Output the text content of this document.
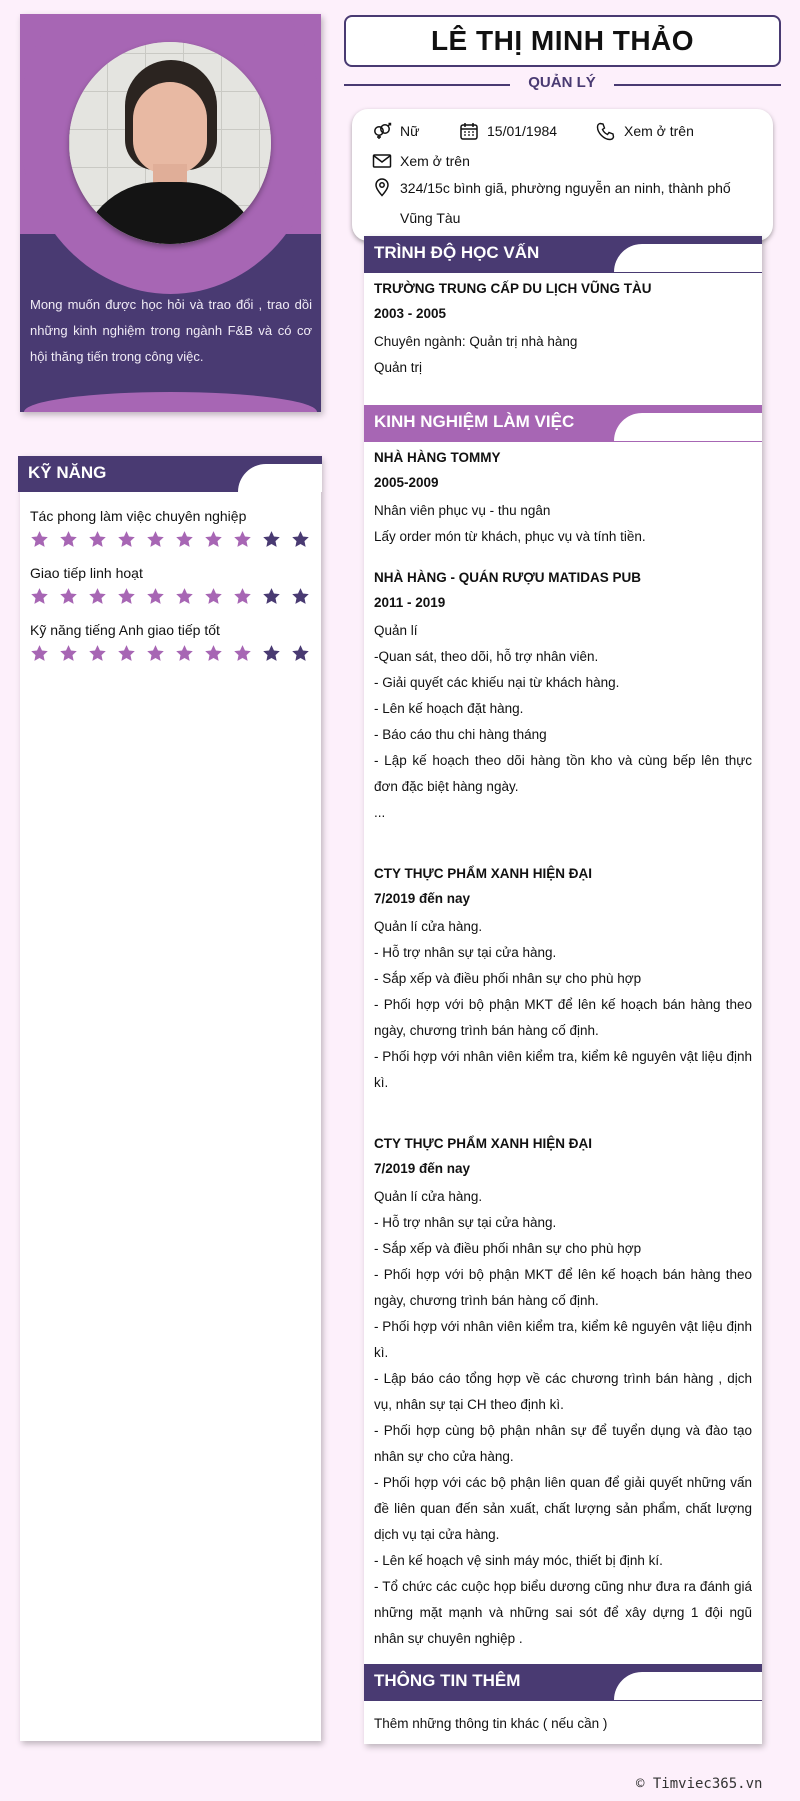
Mong muốn được học hỏi và trao đổi , trao dồi những kinh nghiệm trong ngành F&B và có cơ hội thăng tiến trong công việc.

KỸ NĂNG
Tác phong làm việc chuyên nghiệp
Giao tiếp linh hoạt
Kỹ năng tiếng Anh giao tiếp tốt
LÊ THỊ MINH THẢO
QUẢN LÝ
Nữ	15/01/1984	Xem ở trên
Xem ở trên
324/15c bình giã, phường nguyễn an ninh, thành phố Vũng Tàu
TRÌNH ĐỘ HỌC VẤN
TRƯỜNG TRUNG CẤP DU LỊCH VŨNG TÀU
2003 - 2005

Chuyên ngành: Quản trị nhà hàng

Quản trị

KINH NGHIỆM LÀM VIỆC
NHÀ HÀNG TOMMY
2005-2009

Nhân viên phục vụ - thu ngân

Lấy order món từ khách, phục vụ và tính tiền.

NHÀ HÀNG - QUÁN RƯỢU MATIDAS PUB
2011 - 2019

Quản lí

-Quan sát, theo dõi, hỗ trợ nhân viên.

- Giải quyết các khiếu nại từ khách hàng.

- Lên kế hoạch đặt hàng.

- Báo cáo thu chi hàng tháng

- Lập kế hoạch theo dõi hàng tồn kho và cùng bếp lên thực đơn đặc biệt hàng ngày.

...

CTY THỰC PHẨM XANH HIỆN ĐẠI
7/2019 đến nay

Quản lí cửa hàng.

- Hỗ trợ nhân sự tại cửa hàng.

- Sắp xếp và điều phối nhân sự cho phù hợp

- Phối hợp với bộ phận MKT để lên kế hoạch bán hàng theo ngày, chương trình bán hàng cố định.

- Phối hợp với nhân viên kiểm tra, kiểm kê nguyên vật liệu định kì.

CTY THỰC PHẨM XANH HIỆN ĐẠI
7/2019 đến nay

Quản lí cửa hàng.

- Hỗ trợ nhân sự tại cửa hàng.

- Sắp xếp và điều phối nhân sự cho phù hợp

- Phối hợp với bộ phận MKT để lên kế hoạch bán hàng theo ngày, chương trình bán hàng cố định.

- Phối hợp với nhân viên kiểm tra, kiểm kê nguyên vật liệu định kì.

- Lập báo cáo tổng hợp về các chương trình bán hàng , dịch vụ, nhân sự tại CH theo định kì.

- Phối hợp cùng bộ phận nhân sự để tuyển dụng và đào tạo nhân sự cho cửa hàng.

- Phối hợp với các bộ phận liên quan để giải quyết những vấn đề liên quan đến sản xuất, chất lượng sản phẩm, chất lượng dịch vụ tại cửa hàng.

- Lên kế hoạch vệ sinh máy móc, thiết bị định kí.

- Tổ chức các cuộc họp biểu dương cũng như đưa ra đánh giá những mặt mạnh và những sai sót để xây dựng 1 đội ngũ nhân sự chuyên nghiệp .

THÔNG TIN THÊM

Thêm những thông tin khác ( nếu cần )

© Timviec365.vn
